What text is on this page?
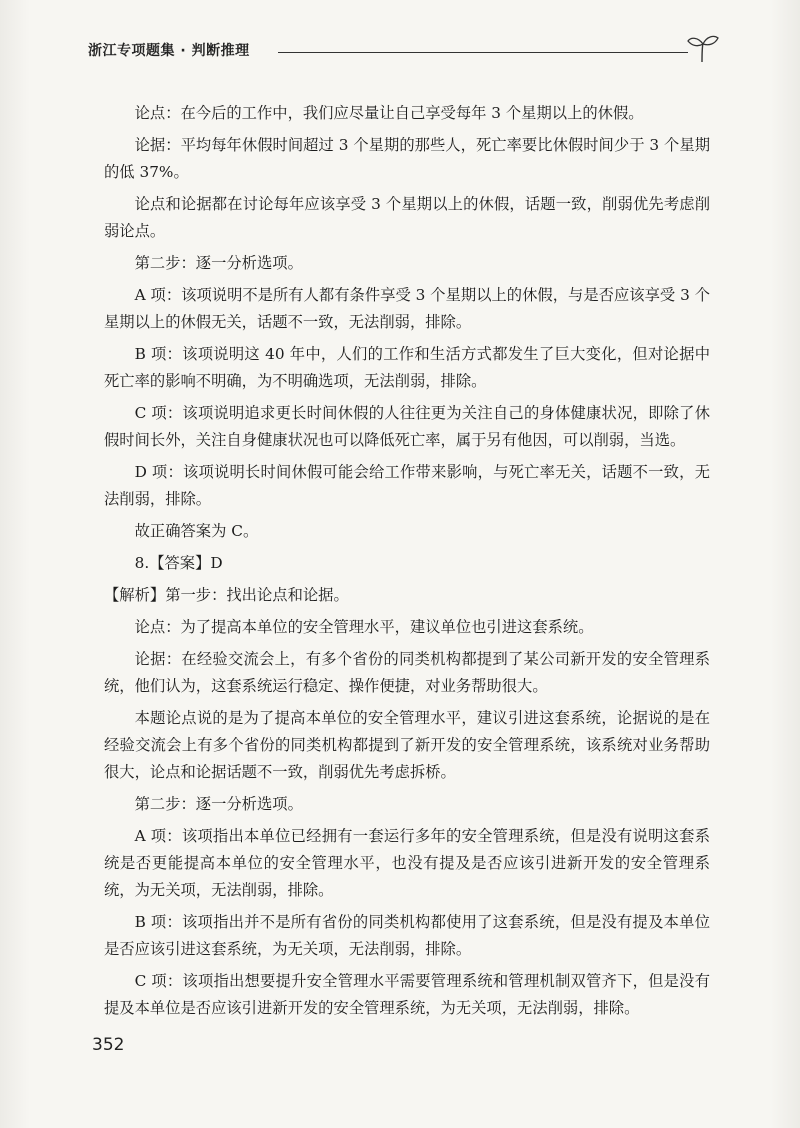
浙江专项题集 · 判断推理

论点：在今后的工作中，我们应尽量让自己享受每年 3 个星期以上的休假。

论据：平均每年休假时间超过 3 个星期的那些人，死亡率要比休假时间少于 3 个星期的低 37%。

论点和论据都在讨论每年应该享受 3 个星期以上的休假，话题一致，削弱优先考虑削弱论点。

第二步：逐一分析选项。

A 项：该项说明不是所有人都有条件享受 3 个星期以上的休假，与是否应该享受 3 个星期以上的休假无关，话题不一致，无法削弱，排除。

B 项：该项说明这 40 年中，人们的工作和生活方式都发生了巨大变化，但对论据中死亡率的影响不明确，为不明确选项，无法削弱，排除。

C 项：该项说明追求更长时间休假的人往往更为关注自己的身体健康状况，即除了休假时间长外，关注自身健康状况也可以降低死亡率，属于另有他因，可以削弱，当选。

D 项：该项说明长时间休假可能会给工作带来影响，与死亡率无关，话题不一致，无法削弱，排除。

故正确答案为 C。

8.【答案】D

【解析】第一步：找出论点和论据。

论点：为了提高本单位的安全管理水平，建议单位也引进这套系统。

论据：在经验交流会上，有多个省份的同类机构都提到了某公司新开发的安全管理系统，他们认为，这套系统运行稳定、操作便捷，对业务帮助很大。

本题论点说的是为了提高本单位的安全管理水平，建议引进这套系统，论据说的是在经验交流会上有多个省份的同类机构都提到了新开发的安全管理系统，该系统对业务帮助很大，论点和论据话题不一致，削弱优先考虑拆桥。

第二步：逐一分析选项。

A 项：该项指出本单位已经拥有一套运行多年的安全管理系统，但是没有说明这套系统是否更能提高本单位的安全管理水平，也没有提及是否应该引进新开发的安全管理系统，为无关项，无法削弱，排除。

B 项：该项指出并不是所有省份的同类机构都使用了这套系统，但是没有提及本单位是否应该引进这套系统，为无关项，无法削弱，排除。

C 项：该项指出想要提升安全管理水平需要管理系统和管理机制双管齐下，但是没有提及本单位是否应该引进新开发的安全管理系统，为无关项，无法削弱，排除。

352
